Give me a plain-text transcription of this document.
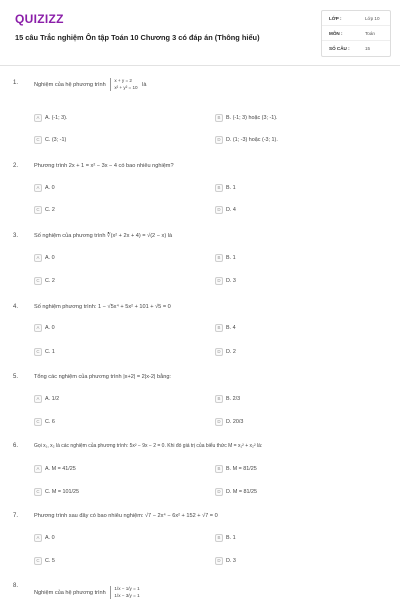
QUIZIZZ
15 câu Trắc nghiệm Ôn tập Toán 10 Chương 3 có đáp án (Thông hiểu)
LỚP :	Lớp 10
MÔN :	Toán
SỐ CÂU :	15
1.	Nghiệm của hệ phương trình
x + y = 2
x² + y² = 10 là
A	A. (-1; 3).	B	B. (-1; 3) hoặc (3; -1).
C	C. (3; -1)	D	D. (1; -3) hoặc (-3; 1).
2.	Phương trình 2x + 1 = x² − 3x − 4 có bao nhiêu nghiệm?
A	A. 0	B	B. 1
C	C. 2	D	D. 4
3.	Số nghiệm của phương trình ∛(x² + 2x + 4) = √(2 − x) là
A	A. 0	B	B. 1
C	C. 2	D	D. 3
4.	Số nghiệm phương trình: 1 − √5x⁴ + 5x² + 101 + √5 = 0
A	A. 0	B	B. 4
C	C. 1	D	D. 2
5.	Tổng các nghiệm của phương trình |x+2| = 2|x-2| bằng:
A	A. 1/2	B	B. 2/3
C	C. 6	D	D. 20/3
6.	Gọi x₁, x₂ là các nghiệm của phương trình: 5x² − 9x − 2 = 0. Khi đó giá trị của biểu thức M = x₁² + x₂² là:
A	A. M = 41/25	B	B. M = 81/25
C	C. M = 101/25	D	D. M = 81/25
7.	Phương trình sau đây có bao nhiêu nghiệm: √7 − 2x⁴ − 6x² + 152 + √7 = 0
A	A. 0	B	B. 1
C	C. 5	D	D. 3
8.
Nghiệm của hệ phương trình
1/x − 1/y = 1
1/x − 3/y = 1
